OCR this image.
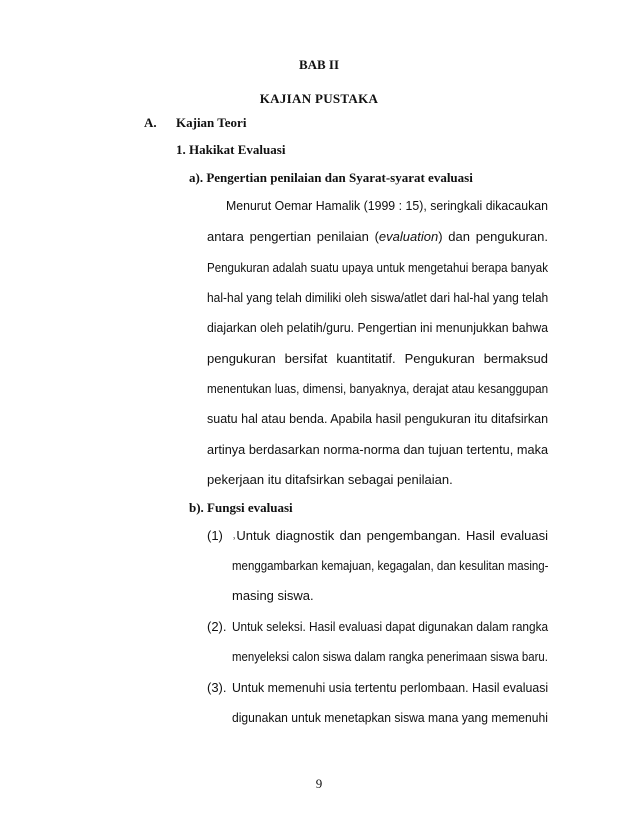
BAB II
KAJIAN PUSTAKA
A. Kajian Teori
1. Hakikat Evaluasi
a). Pengertian penilaian dan Syarat-syarat evaluasi
Menurut Oemar Hamalik (1999 : 15), seringkali dikacaukan
antara pengertian penilaian (evaluation) dan pengukuran.
Pengukuran adalah suatu upaya untuk mengetahui berapa banyak
hal-hal yang telah dimiliki oleh siswa/atlet dari hal-hal yang telah
diajarkan oleh pelatih/guru. Pengertian ini menunjukkan bahwa
pengukuran bersifat kuantitatif. Pengukuran bermaksud
menentukan luas, dimensi, banyaknya, derajat atau kesanggupan
suatu hal atau benda. Apabila hasil pengukuran itu ditafsirkan
artinya berdasarkan norma-norma dan tujuan tertentu, maka
pekerjaan itu ditafsirkan sebagai penilaian.
b). Fungsi evaluasi
(1) ˒Untuk diagnostik dan pengembangan. Hasil evaluasi
menggambarkan kemajuan, kegagalan, dan kesulitan masing-
masing siswa.
(2). Untuk seleksi. Hasil evaluasi dapat digunakan dalam rangka
menyeleksi calon siswa dalam rangka penerimaan siswa baru.
(3). Untuk memenuhi usia tertentu perlombaan. Hasil evaluasi
digunakan untuk menetapkan siswa mana yang memenuhi
9
